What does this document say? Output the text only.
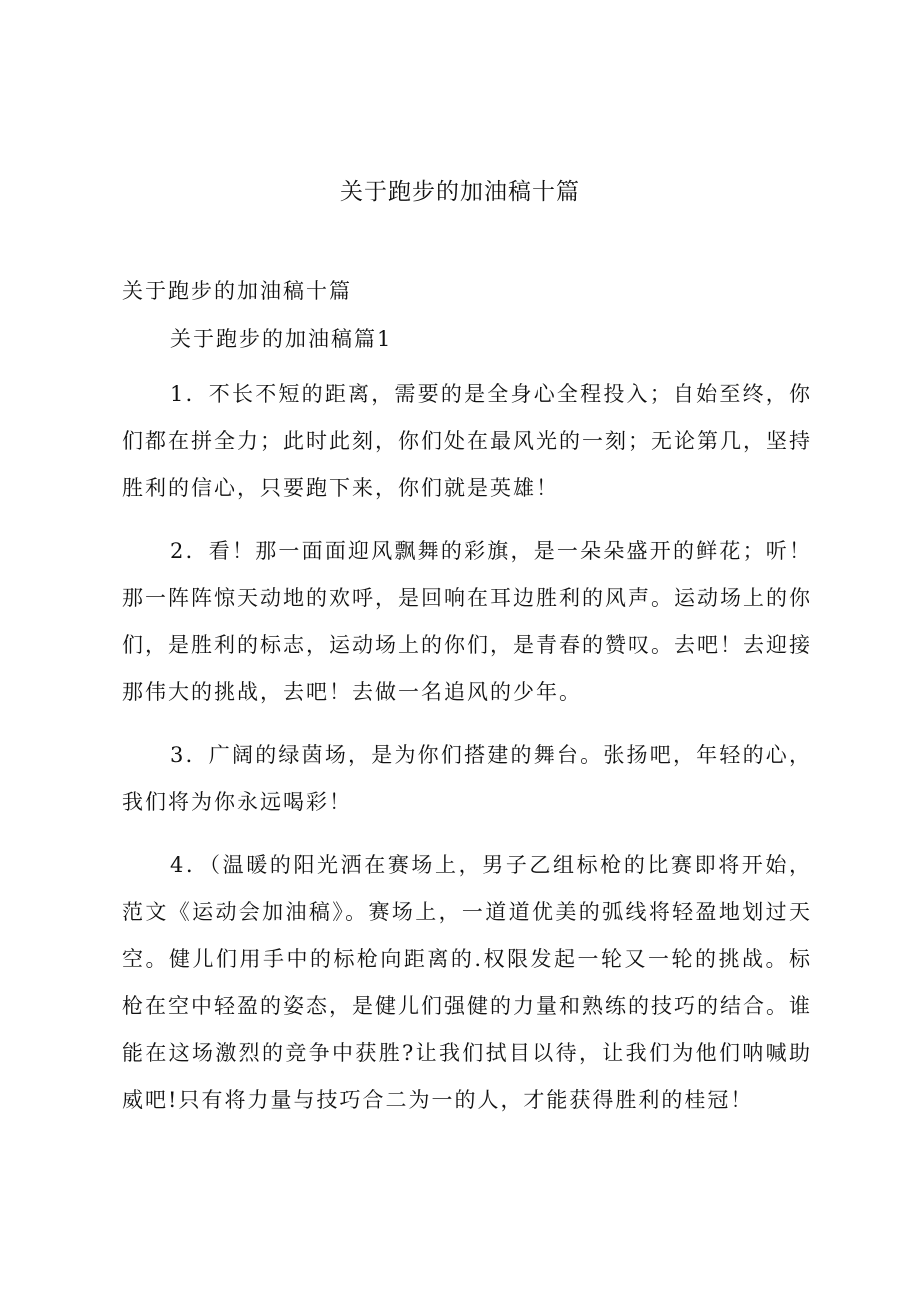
关于跑步的加油稿十篇

关于跑步的加油稿十篇

关于跑步的加油稿篇1

1．不长不短的距离，需要的是全身心全程投入；自始至终，你们都在拼全力；此时此刻，你们处在最风光的一刻；无论第几，坚持胜利的信心，只要跑下来，你们就是英雄！

2．看！那一面面迎风飘舞的彩旗，是一朵朵盛开的鲜花；听！那一阵阵惊天动地的欢呼，是回响在耳边胜利的风声。运动场上的你们，是胜利的标志，运动场上的你们，是青春的赞叹。去吧！去迎接那伟大的挑战，去吧！去做一名追风的少年。

3．广阔的绿茵场，是为你们搭建的舞台。张扬吧，年轻的心，我们将为你永远喝彩！

4．（温暖的阳光洒在赛场上，男子乙组标枪的比赛即将开始，范文《运动会加油稿》。赛场上，一道道优美的弧线将轻盈地划过天空。健儿们用手中的标枪向距离的.权限发起一轮又一轮的挑战。标枪在空中轻盈的姿态，是健儿们强健的力量和熟练的技巧的结合。谁能在这场激烈的竞争中获胜?让我们拭目以待，让我们为他们呐喊助威吧!只有将力量与技巧合二为一的人，才能获得胜利的桂冠！
